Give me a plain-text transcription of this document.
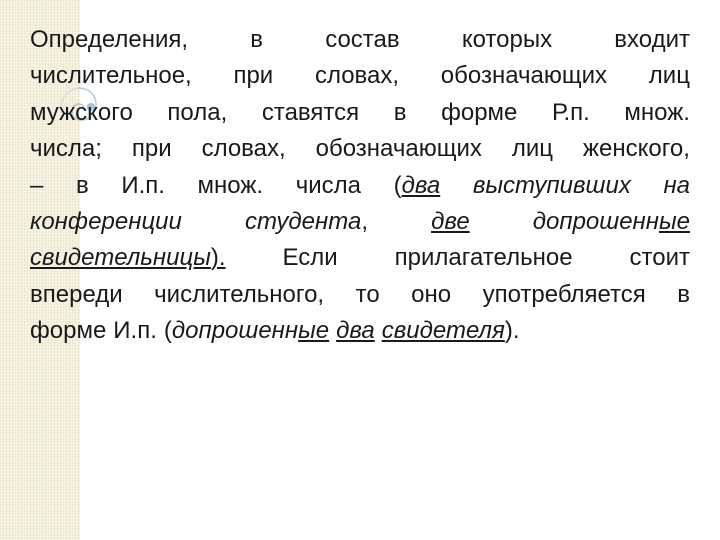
Определения,	в	состав	которых	входит
числительное, при словах, обозначающих лиц
мужского пола, ставятся в форме Р.п. множ.
числа; при словах, обозначающих лиц женского,
– в И.п. множ. числа (два выступивших на
конференции	студента,	две	допрошенные
свидетельницы). Если прилагательное стоит
впереди числительного, то оно употребляется в
форме И.п. (допрошенные два свидетеля).
